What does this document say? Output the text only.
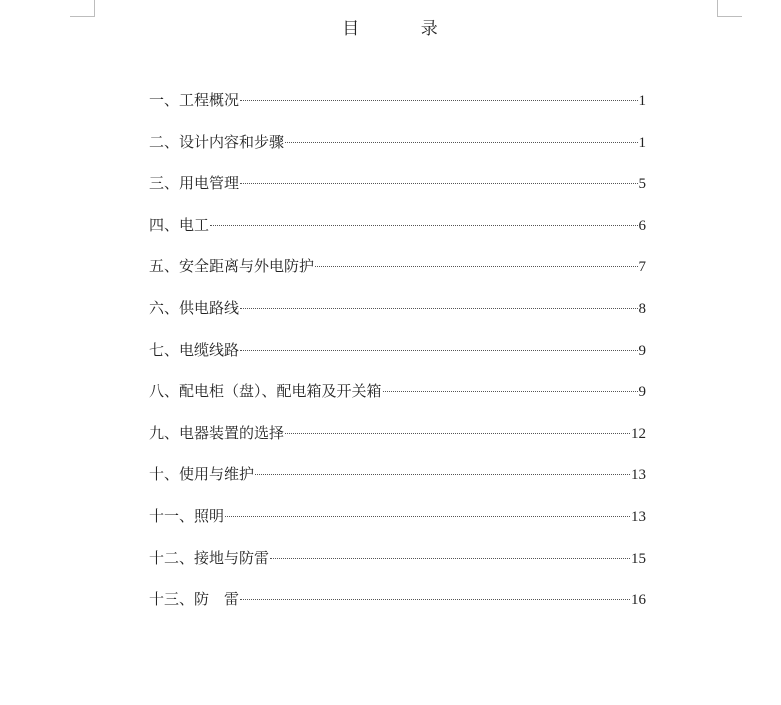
目 录
一、工程概况	1
二、设计内容和步骤	1
三、用电管理	5
四、电工	6
五、安全距离与外电防护	7
六、供电路线	8
七、电缆线路	9
八、配电柜（盘）、配电箱及开关箱	9
九、电器装置的选择	12
十、使用与维护	13
十一、照明	13
十二、接地与防雷	15
十三、防　雷	16
